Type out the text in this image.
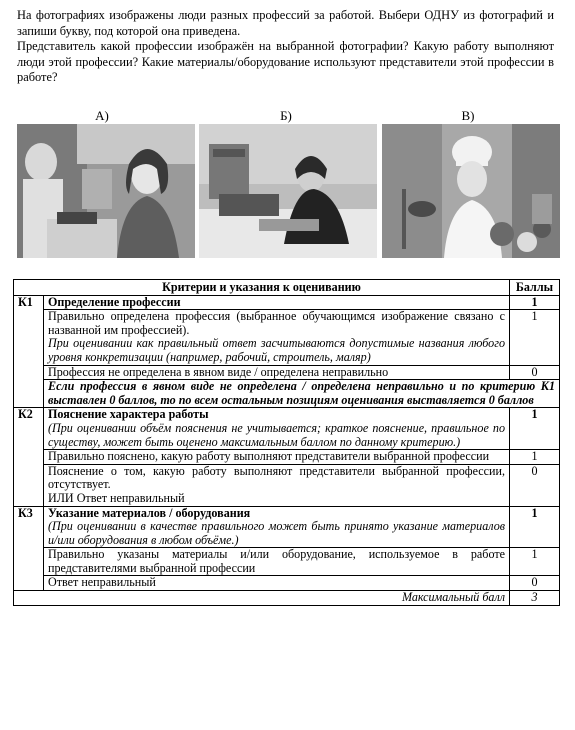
На фотографиях изображены люди разных профессий за работой. Выбери ОДНУ из фотографий и запиши букву, под которой она приведена.

Представитель какой профессии изображён на выбранной фотографии? Какую работу выполняют люди этой профессии? Какие материалы/оборудование используют представители этой профессии в работе?

А)	Б)	В)
Критерии и указания к оцениванию		Баллы
К1	Определение профессии	1

	Правильно определена профессия (выбранное обучающимся изображение связано с названной им профессией).
При оценивании как правильный ответ засчитываются допустимые названия любого уровня конкретизации (например, рабочий, строитель, маляр)	1
	Профессия не определена в явном виде / определена неправильно	0
	Если профессия в явном виде не определена / определена неправильно и по критерию К1 выставлен 0 баллов, то по всем остальным позициям оценивания выставляется 0 баллов	
К2	Пояснение характера работы
(При оценивании объём пояснения не учитывается; краткое пояснение, правильное по существу, может быть оценено максимальным баллом по данному критерию.)	1
	Правильно пояснено, какую работу выполняют представители выбранной профессии	1

	Пояснение о том, какую работу выполняют представители выбранной профессии, отсутствует.
ИЛИ Ответ неправильный	0
К3	Указание материалов / оборудования
(При оценивании в качестве правильного может быть принято указание материалов и/или оборудования в любом объёме.)	1
	Правильно указаны материалы и/или оборудование, используемое в работе представителями выбранной профессии	1
	Ответ неправильный	0
Максимальный балл		3
